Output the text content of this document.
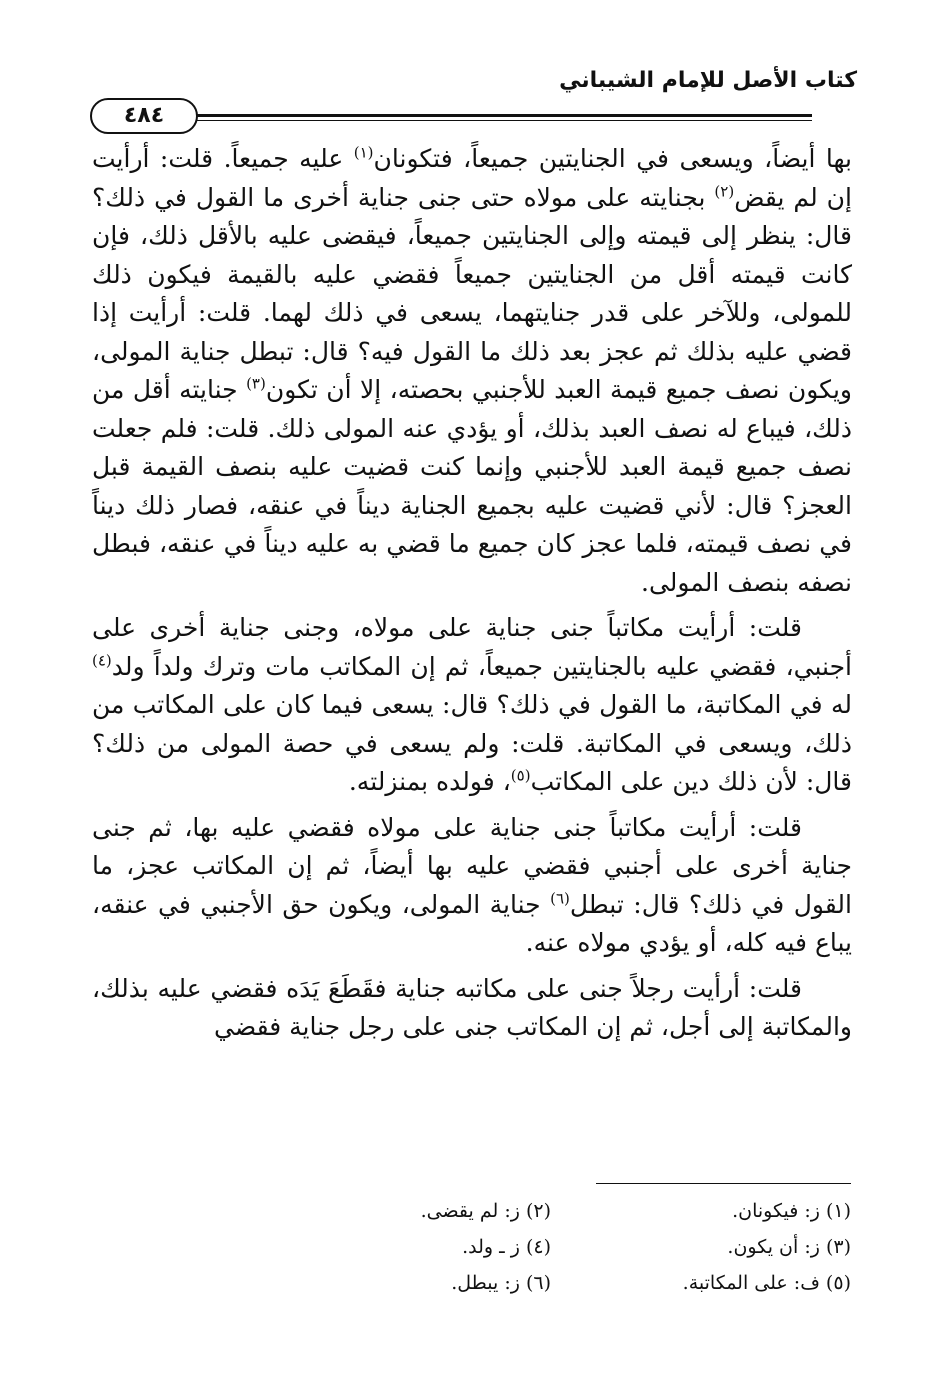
كتاب الأصل للإمام الشيباني
٤٨٤

بها أيضاً، ويسعى في الجنايتين جميعاً، فتكونان$^{(١)}$ عليه جميعاً. قلت: أرأيت إن لم يقض$^{(٢)}$ بجنايته على مولاه حتى جنى جناية أخرى ما القول في ذلك؟ قال: ينظر إلى قيمته وإلى الجنايتين جميعاً، فيقضى عليه بالأقل ذلك، فإن كانت قيمته أقل من الجنايتين جميعاً فقضي عليه بالقيمة فيكون ذلك للمولى، وللآخر على قدر جنايتهما، يسعى في ذلك لهما. قلت: أرأيت إذا قضي عليه بذلك ثم عجز بعد ذلك ما القول فيه؟ قال: تبطل جناية المولى، ويكون نصف جميع قيمة العبد للأجنبي بحصته، إلا أن تكون$^{(٣)}$ جنايته أقل من ذلك، فيباع له نصف العبد بذلك، أو يؤدي عنه المولى ذلك. قلت: فلم جعلت نصف جميع قيمة العبد للأجنبي وإنما كنت قضيت عليه بنصف القيمة قبل العجز؟ قال: لأني قضيت عليه بجميع الجناية ديناً في عنقه، فصار ذلك ديناً في نصف قيمته، فلما عجز كان جميع ما قضي به عليه ديناً في عنقه، فبطل نصفه بنصف المولى.

قلت: أرأيت مكاتباً جنى جناية على مولاه، وجنى جناية أخرى على أجنبي، فقضي عليه بالجنايتين جميعاً، ثم إن المكاتب مات وترك ولداً ولد$^{(٤)}$ له في المكاتبة، ما القول في ذلك؟ قال: يسعى فيما كان على المكاتب من ذلك، ويسعى في المكاتبة. قلت: ولم يسعى في حصة المولى من ذلك؟ قال: لأن ذلك دين على المكاتب$^{(٥)}$، فولده بمنزلته.

قلت: أرأيت مكاتباً جنى جناية على مولاه فقضي عليه بها، ثم جنى جناية أخرى على أجنبي فقضي عليه بها أيضاً، ثم إن المكاتب عجز، ما القول في ذلك؟ قال: تبطل$^{(٦)}$ جناية المولى، ويكون حق الأجنبي في عنقه، يباع فيه كله، أو يؤدي مولاه عنه.

قلت: أرأيت رجلاً جنى على مكاتبه جناية فقَطَعَ يَدَه فقضي عليه بذلك، والمكاتبة إلى أجل، ثم إن المكاتب جنى على رجل جناية فقضي

(١) ز: فيكونان.
(٢) ز: لم يقضى.
(٣) ز: أن يكون.
(٤) ز ـ ولد.
(٥) ف: على المكاتبة.
(٦) ز: يبطل.
